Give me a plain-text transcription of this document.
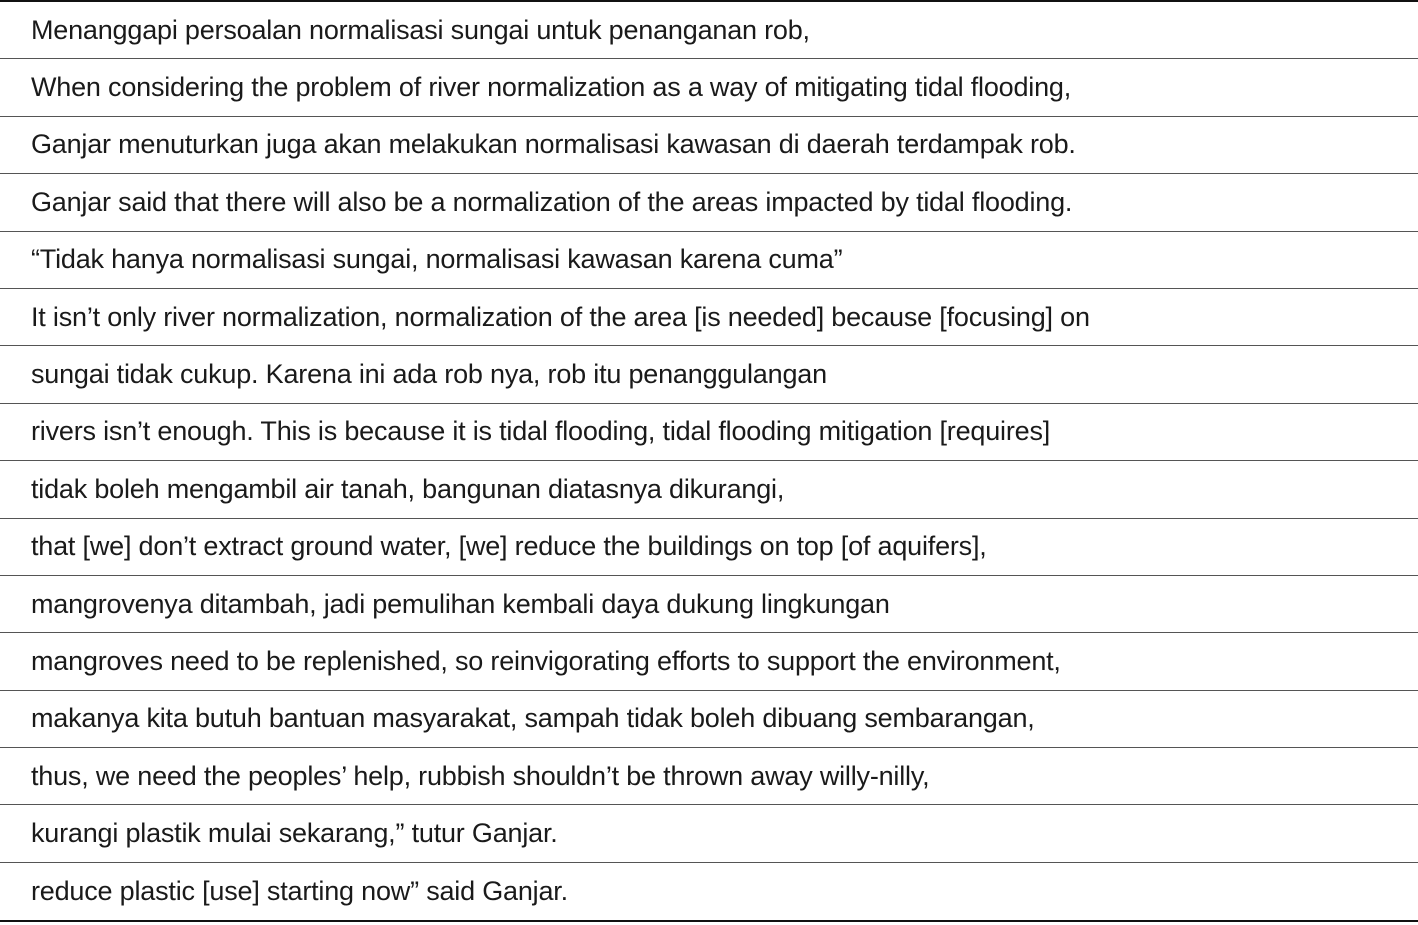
Menanggapi persoalan normalisasi sungai untuk penanganan rob,
When considering the problem of river normalization as a way of mitigating tidal flooding,
Ganjar menuturkan juga akan melakukan normalisasi kawasan di daerah terdampak rob.
Ganjar said that there will also be a normalization of the areas impacted by tidal flooding.
“Tidak hanya normalisasi sungai, normalisasi kawasan karena cuma”
It isn’t only river normalization, normalization of the area [is needed] because [focusing] on
sungai tidak cukup. Karena ini ada rob nya, rob itu penanggulangan
rivers isn’t enough. This is because it is tidal flooding, tidal flooding mitigation [requires]
tidak boleh mengambil air tanah, bangunan diatasnya dikurangi,
that [we] don’t extract ground water, [we] reduce the buildings on top [of aquifers],
mangrovenya ditambah, jadi pemulihan kembali daya dukung lingkungan
mangroves need to be replenished, so reinvigorating efforts to support the environment,
makanya kita butuh bantuan masyarakat, sampah tidak boleh dibuang sembarangan,
thus, we need the peoples’ help, rubbish shouldn’t be thrown away willy-nilly,
kurangi plastik mulai sekarang,” tutur Ganjar.
reduce plastic [use] starting now” said Ganjar.
